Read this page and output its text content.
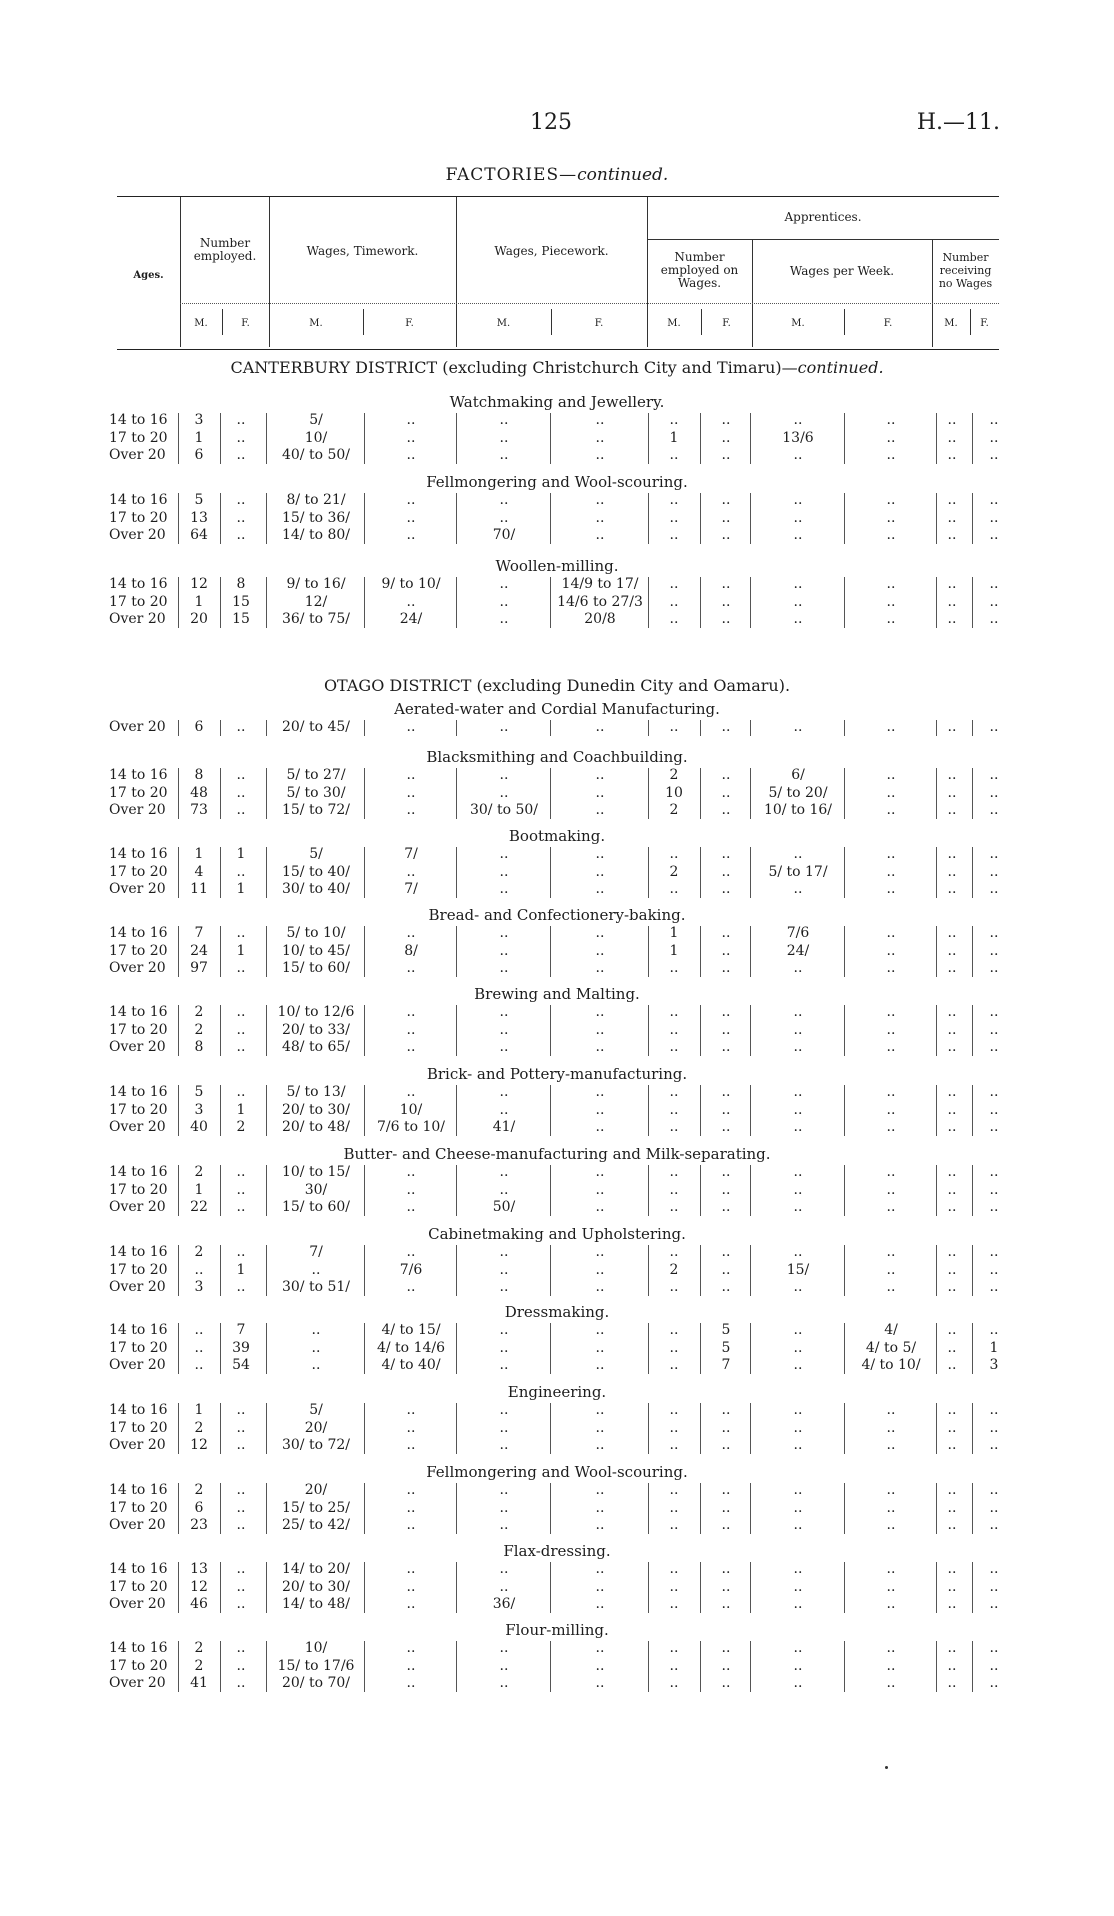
125	H.—11.
FACTORIES—continued.
Ages.
Number employed.	Wages, Timework.	Wages, Piecework.
Apprentices.
Number employed on Wages.
Wages per Week.
Number receiving no Wages
M.	F.	M.	F.	M.	F.	M.	F.	M.	F.	M.	F.
CANTERBURY DISTRICT (excluding Christchurch City and Timaru)—continued.
OTAGO DISTRICT (excluding Dunedin City and Oamaru).
Watchmaking and Jewellery.
14 to 16	3	..	5/	..	..	..	..	..	..	..	..	..
17 to 20	1	..	10/	..	..	..	1	..	13/6	..	..	..
Over 20	6	..	40/ to 50/	..	..	..	..	..	..	..	..	..
Fellmongering and Wool-scouring.
14 to 16	5	..	8/ to 21/	..	..	..	..	..	..	..	..	..
17 to 20	13	..	15/ to 36/	..	..	..	..	..	..	..	..	..
Over 20	64	..	14/ to 80/	..	70/	..	..	..	..	..	..	..
Woollen-milling.
14 to 16	12	8	9/ to 16/	9/ to 10/	..	14/9 to 17/	..	..	..	..	..	..
17 to 20	1	15	12/	..	..	14/6 to 27/3	..	..	..	..	..	..
Over 20	20	15	36/ to 75/	24/	..	20/8	..	..	..	..	..	..
Aerated-water and Cordial Manufacturing.
Over 20	6	..	20/ to 45/	..	..	..	..	..	..	..	..	..
Blacksmithing and Coachbuilding.
14 to 16	8	..	5/ to 27/	..	..	..	2	..	6/	..	..	..
17 to 20	48	..	5/ to 30/	..	..	..	10	..	5/ to 20/	..	..	..
Over 20	73	..	15/ to 72/	..	30/ to 50/	..	2	..	10/ to 16/	..	..	..
Bootmaking.
14 to 16	1	1	5/	7/	..	..	..	..	..	..	..	..
17 to 20	4	..	15/ to 40/	..	..	..	2	..	5/ to 17/	..	..	..
Over 20	11	1	30/ to 40/	7/	..	..	..	..	..	..	..	..
Bread- and Confectionery-baking.
14 to 16	7	..	5/ to 10/	..	..	..	1	..	7/6	..	..	..
17 to 20	24	1	10/ to 45/	8/	..	..	1	..	24/	..	..	..
Over 20	97	..	15/ to 60/	..	..	..	..	..	..	..	..	..
Brewing and Malting.
14 to 16	2	..	10/ to 12/6	..	..	..	..	..	..	..	..	..
17 to 20	2	..	20/ to 33/	..	..	..	..	..	..	..	..	..
Over 20	8	..	48/ to 65/	..	..	..	..	..	..	..	..	..
Brick- and Pottery-manufacturing.
14 to 16	5	..	5/ to 13/	..	..	..	..	..	..	..	..	..
17 to 20	3	1	20/ to 30/	10/	..	..	..	..	..	..	..	..
Over 20	40	2	20/ to 48/	7/6 to 10/	41/	..	..	..	..	..	..	..
Butter- and Cheese-manufacturing and Milk-separating.
14 to 16	2	..	10/ to 15/	..	..	..	..	..	..	..	..	..
17 to 20	1	..	30/	..	..	..	..	..	..	..	..	..
Over 20	22	..	15/ to 60/	..	50/	..	..	..	..	..	..	..
Cabinetmaking and Upholstering.
14 to 16	2	..	7/	..	..	..	..	..	..	..	..	..
17 to 20	..	1	..	7/6	..	..	2	..	15/	..	..	..
Over 20	3	..	30/ to 51/	..	..	..	..	..	..	..	..	..
Dressmaking.
14 to 16	..	7	..	4/ to 15/	..	..	..	5	..	4/	..	..
17 to 20	..	39	..	4/ to 14/6	..	..	..	5	..	4/ to 5/	..	1
Over 20	..	54	..	4/ to 40/	..	..	..	7	..	4/ to 10/	..	3
Engineering.
14 to 16	1	..	5/	..	..	..	..	..	..	..	..	..
17 to 20	2	..	20/	..	..	..	..	..	..	..	..	..
Over 20	12	..	30/ to 72/	..	..	..	..	..	..	..	..	..
Fellmongering and Wool-scouring.
14 to 16	2	..	20/	..	..	..	..	..	..	..	..	..
17 to 20	6	..	15/ to 25/	..	..	..	..	..	..	..	..	..
Over 20	23	..	25/ to 42/	..	..	..	..	..	..	..	..	..
Flax-dressing.
14 to 16	13	..	14/ to 20/	..	..	..	..	..	..	..	..	..
17 to 20	12	..	20/ to 30/	..	..	..	..	..	..	..	..	..
Over 20	46	..	14/ to 48/	..	36/	..	..	..	..	..	..	..
Flour-milling.
14 to 16	2	..	10/	..	..	..	..	..	..	..	..	..
17 to 20	2	..	15/ to 17/6	..	..	..	..	..	..	..	..	..
Over 20	41	..	20/ to 70/	..	..	..	..	..	..	..	..	..
